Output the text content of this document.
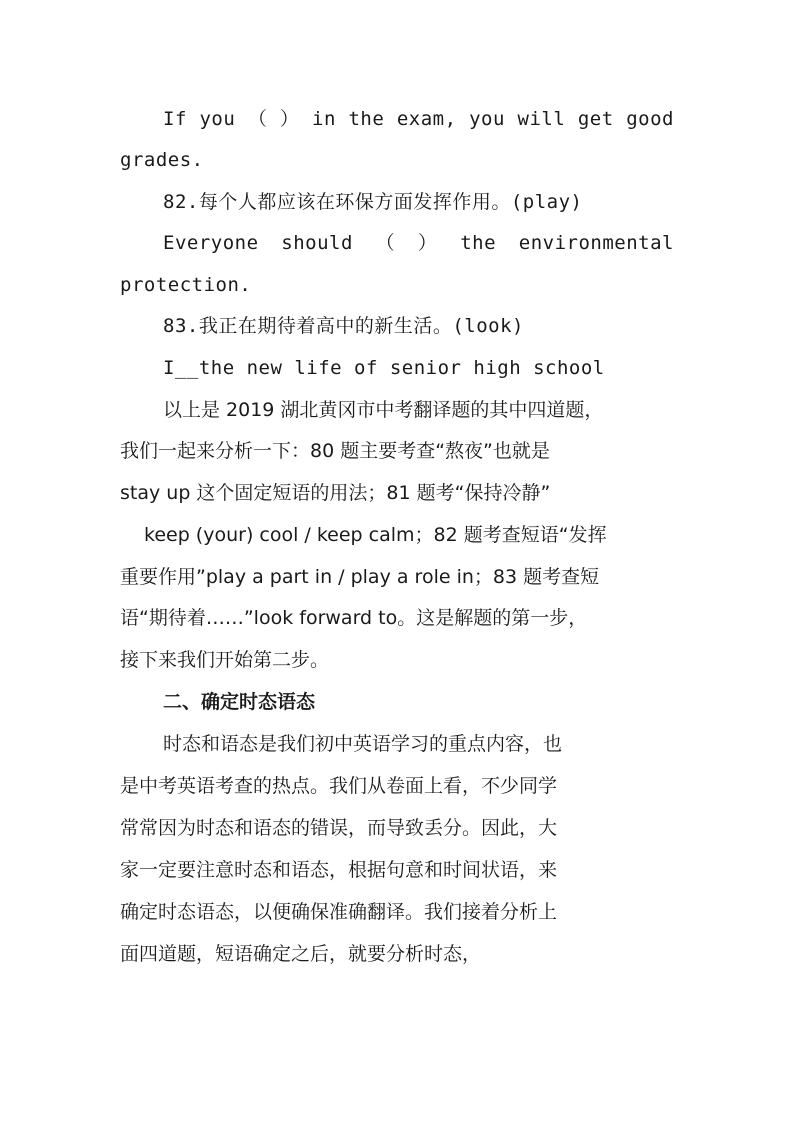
If you （ ） in the exam, you will get good
grades.
82.每个人都应该在环保方面发挥作用。(play)
Everyone should （ ） the environmental
protection.
83.我正在期待着高中的新生活。(look)
I__the new life of senior high school
以上是 2019 湖北黄冈市中考翻译题的其中四道题，
我们一起来分析一下：80 题主要考查“熬夜”也就是
stay up 这个固定短语的用法；81 题考“保持冷静”
keep (your) cool / keep calm；82 题考查短语“发挥
重要作用”play a part in / play a role in；83 题考查短
语“期待着……”look forward to。这是解题的第一步，
接下来我们开始第二步。
二、确定时态语态
时态和语态是我们初中英语学习的重点内容，也
是中考英语考查的热点。我们从卷面上看，不少同学
常常因为时态和语态的错误，而导致丢分。因此，大
家一定要注意时态和语态，根据句意和时间状语，来
确定时态语态，以便确保准确翻译。我们接着分析上
面四道题，短语确定之后，就要分析时态，
